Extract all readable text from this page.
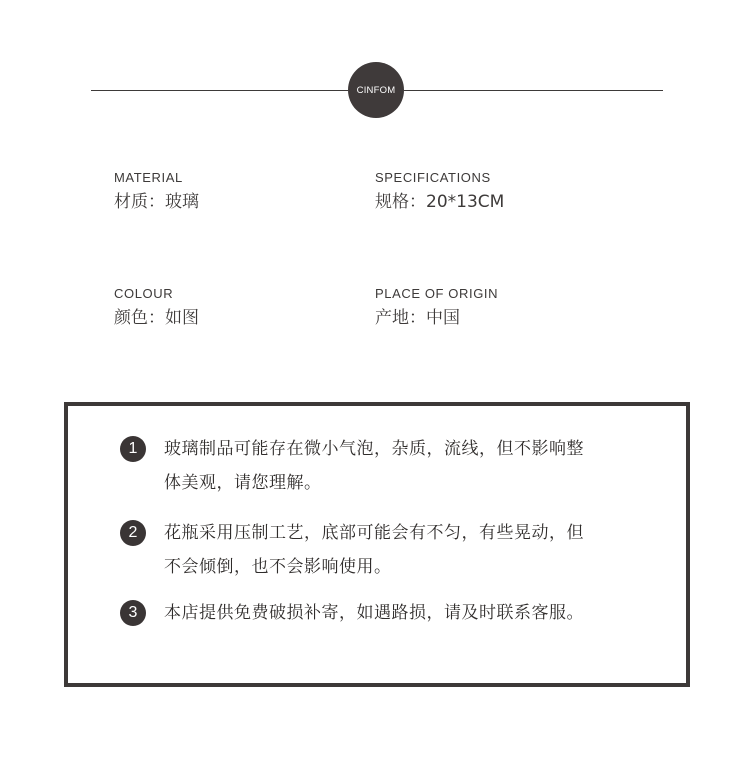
CINFOM
MATERIAL
材质：玻璃
SPECIFICATIONS
规格：20*13CM
COLOUR
颜色：如图
PLACE OF ORIGIN
产地：中国
1	玻璃制品可能存在微小气泡，杂质，流线，但不影响整体美观，请您理解。
2	花瓶采用压制工艺，底部可能会有不匀，有些晃动，但不会倾倒，也不会影响使用。
3	本店提供免费破损补寄，如遇路损，请及时联系客服。
